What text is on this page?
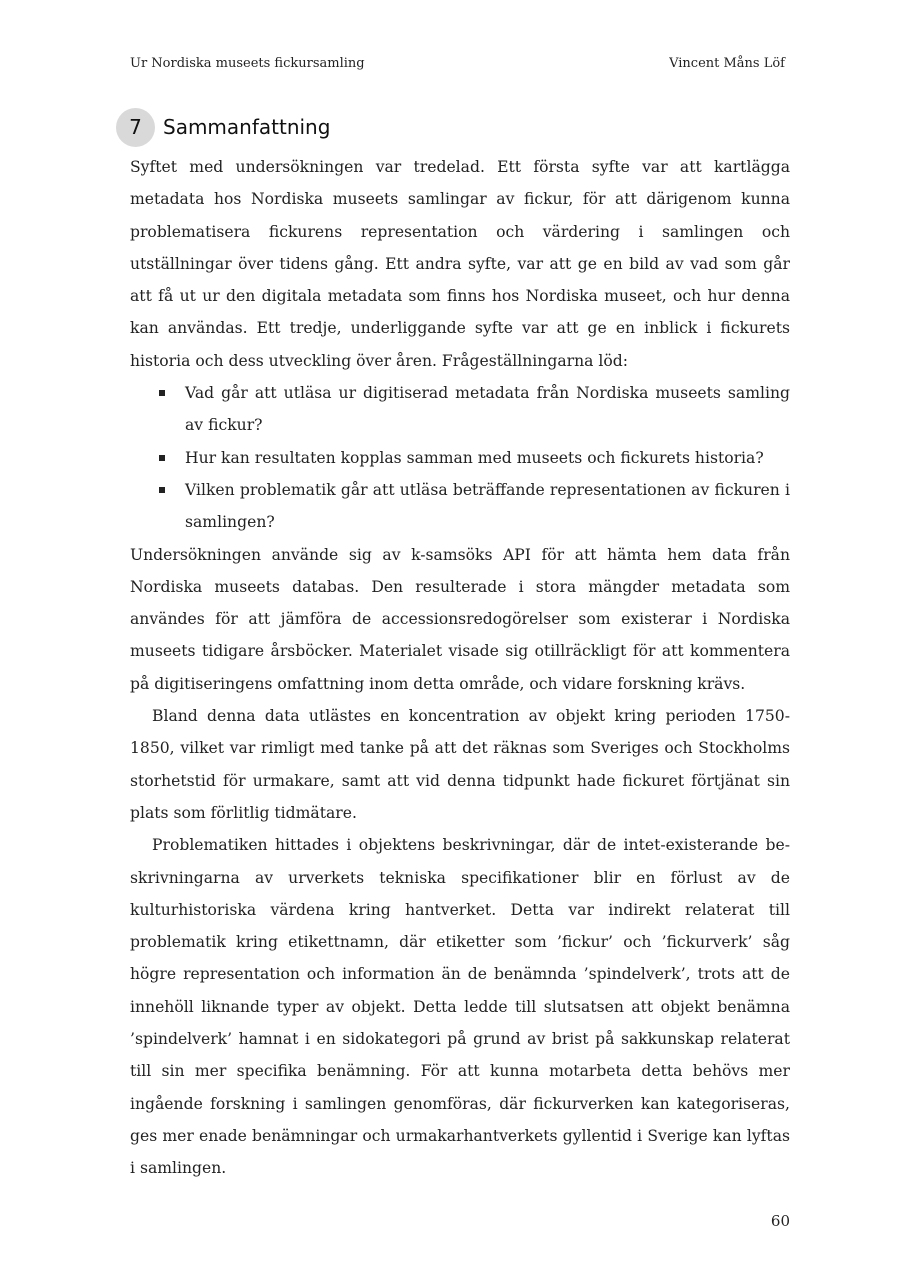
Ur Nordiska museets fickursamling	Vincent Måns Löf
7	Sammanfattning

Syftet med undersökningen var tredelad. Ett första syfte var att kartlägga metadata hos Nordiska museets samlingar av fickur, för att därigenom kunna problematisera fickurens representation och värdering i samlingen och utställningar över tidens gång. Ett andra syfte, var att ge en bild av vad som går att få ut ur den digitala metadata som finns hos Nordiska museet, och hur denna kan användas. Ett tredje, underliggande syfte var att ge en inblick i fickurets historia och dess utveckling över åren. Frågeställningarna löd:

Vad går att utläsa ur digitiserad metadata från Nordiska museets samling av fickur?
Hur kan resultaten kopplas samman med museets och fickurets historia?
Vilken problematik går att utläsa beträffande representationen av fickuren i samlingen?

Undersökningen använde sig av k-samsöks API för att hämta hem data från Nordiska museets databas. Den resulterade i stora mängder metadata som användes för att jämföra de accessionsredogörelser som existerar i Nordiska museets tidigare årsböcker. Materialet visade sig otillräckligt för att kommentera på digitiseringens omfattning inom detta område, och vidare forskning krävs.

Bland denna data utlästes en koncentration av objekt kring perioden 1750-1850, vilket var rimligt med tanke på att det räknas som Sveriges och Stockholms storhetstid för urmakare, samt att vid denna tidpunkt hade fickuret förtjänat sin plats som förlitlig tidmätare.

Problematiken hittades i objektens beskrivningar, där de intet-existerande beskrivningarna av urverkets tekniska specifikationer blir en förlust av de kulturhistoriska värdena kring hantverket. Detta var indirekt relaterat till problematik kring etikettnamn, där etiketter som ’fickur’ och ’fickurverk’ såg högre representation och information än de benämnda ’spindelverk’, trots att de innehöll liknande typer av objekt. Detta ledde till slutsatsen att objekt benämna ’spindelverk’ hamnat i en sidokategori på grund av brist på sakkunskap relaterat till sin mer specifika benämning. För att kunna motarbeta detta behövs mer ingående forskning i samlingen genomföras, där fickurverken kan kategoriseras, ges mer enade benämningar och urmakarhantverkets gyllentid i Sverige kan lyftas i samlingen.

60
